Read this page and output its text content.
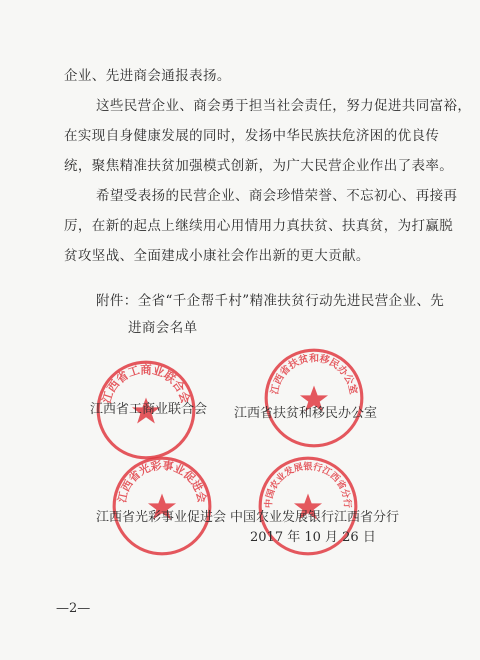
企业、先进商会通报表扬。
这些民营企业、商会勇于担当社会责任，努力促进共同富裕，
在实现自身健康发展的同时，发扬中华民族扶危济困的优良传
统，聚焦精准扶贫加强模式创新，为广大民营企业作出了表率。
希望受表扬的民营企业、商会珍惜荣誉、不忘初心、再接再
厉，在新的起点上继续用心用情用力真扶贫、扶真贫，为打赢脱
贫攻坚战、全面建成小康社会作出新的更大贡献。
附件：全省“千企帮千村”精准扶贫行动先进民营企业、先
进商会名单
江西省工商业联合会
江西省工商业联合会
江西省扶贫和移民办公室
江西省扶贫和移民办公室
江西省光彩事业促进会
江西省光彩事业促进会
中国农业发展银行江西省分行
中国农业发展银行江西省分行
2017 年 10 月 26 日
—2—
